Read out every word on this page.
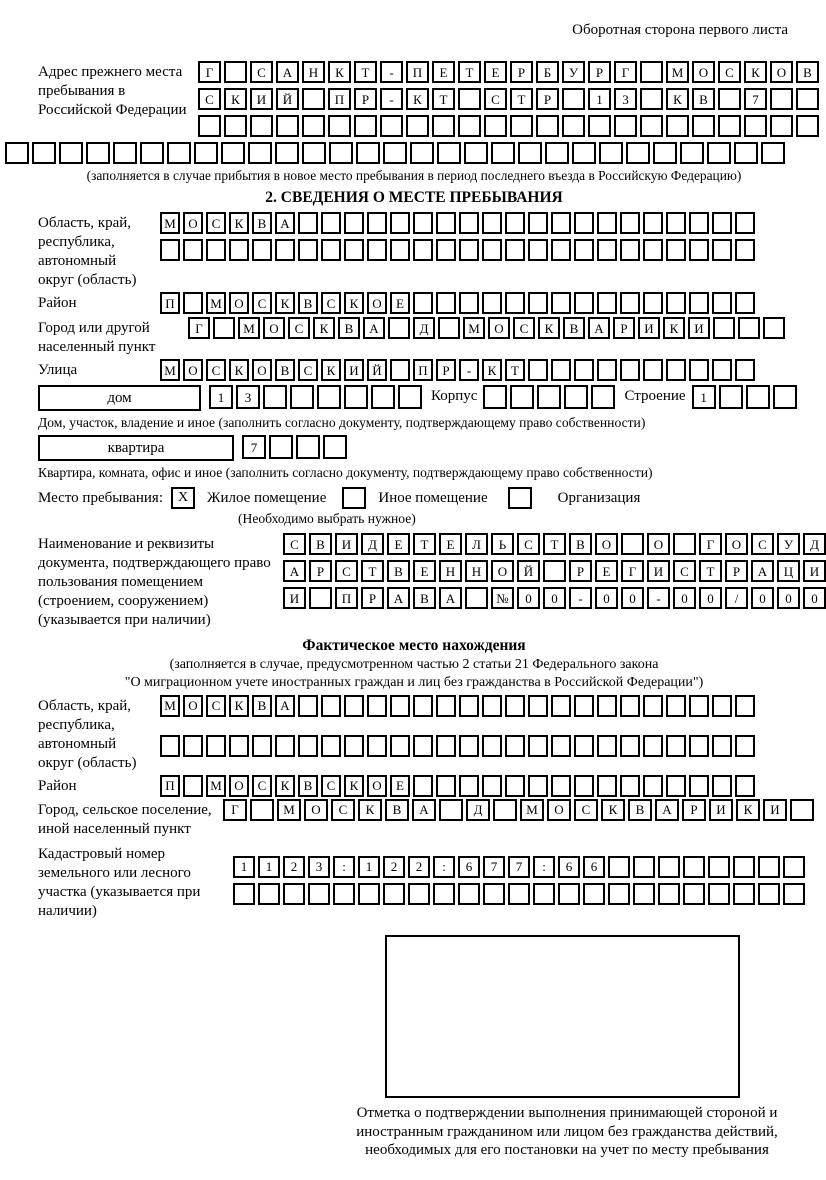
Оборотная сторона первого листа
Адрес прежнего места пребывания в Российской Федерации
Г	С	А	Н	К	Т	-	П	Е	Т	Е	Р	Б	У	Р	Г	М	О	С	К	О	В
С	К	И	Й	П	Р	-	К	Т	С	Т	Р	1	3	К	В	7
(заполняется в случае прибытия в новое место пребывания в период последнего въезда в Российскую Федерацию)
2. СВЕДЕНИЯ О МЕСТЕ ПРЕБЫВАНИЯ
Область, край, республика, автономный округ (область)
М О	С	К	В	А
Район	П	М О	С	К	В	С	К	О	Е
Город или другой населенный пункт
Г	М	О	С	К	В	А	Д	М	О	С	К	В	А	Р	И	К	И
Улица	М О	С	К	О	В	С	К	И	Й	П	Р	-	К	Т
дом	1	3	Корпус	Строение	1
Дом, участок, владение и иное (заполнить согласно документу, подтверждающему право собственности)
квартира	7
Квартира, комната, офис и иное (заполнить согласно документу, подтверждающему право собственности)
Место пребывания:	X	Жилое помещение	Иное помещение	Организация
(Необходимо выбрать нужное)
Наименование и реквизиты документа, подтверждающего право пользования помещением (строением, сооружением) (указывается при наличии)
С	В	И	Д	Е	Т	Е	Л	Ь	С	Т	В	О	О	Г	О	С	У	Д
А	Р	С	Т	В	Е	Н	Н	О	Й	Р	Е	Г	И	С	Т	Р	А	Ц	И
И	П	Р	А	В	А	№	0	0	-	0	0	-	0	0	/	0	0	0
Фактическое место нахождения
(заполняется в случае, предусмотренном частью 2 статьи 21 Федерального закона
"О миграционном учете иностранных граждан и лиц без гражданства в Российской Федерации")
Область, край, республика, автономный округ (область)
М О	С	К	В	А
Район	П	М О	С	К	В	С	К	О	Е
Город, сельское поселение, иной населенный пункт
Г	М	О	С	К	В	А	Д	М	О	С	К	В	А	Р	И	К	И
Кадастровый номер земельного или лесного участка (указывается при наличии)
1	1	2	3	:	1	2	2	:	6	7	7	:	6	6
Отметка о подтверждении выполнения принимающей стороной и иностранным гражданином или лицом без гражданства действий, необходимых для его постановки на учет по месту пребывания
